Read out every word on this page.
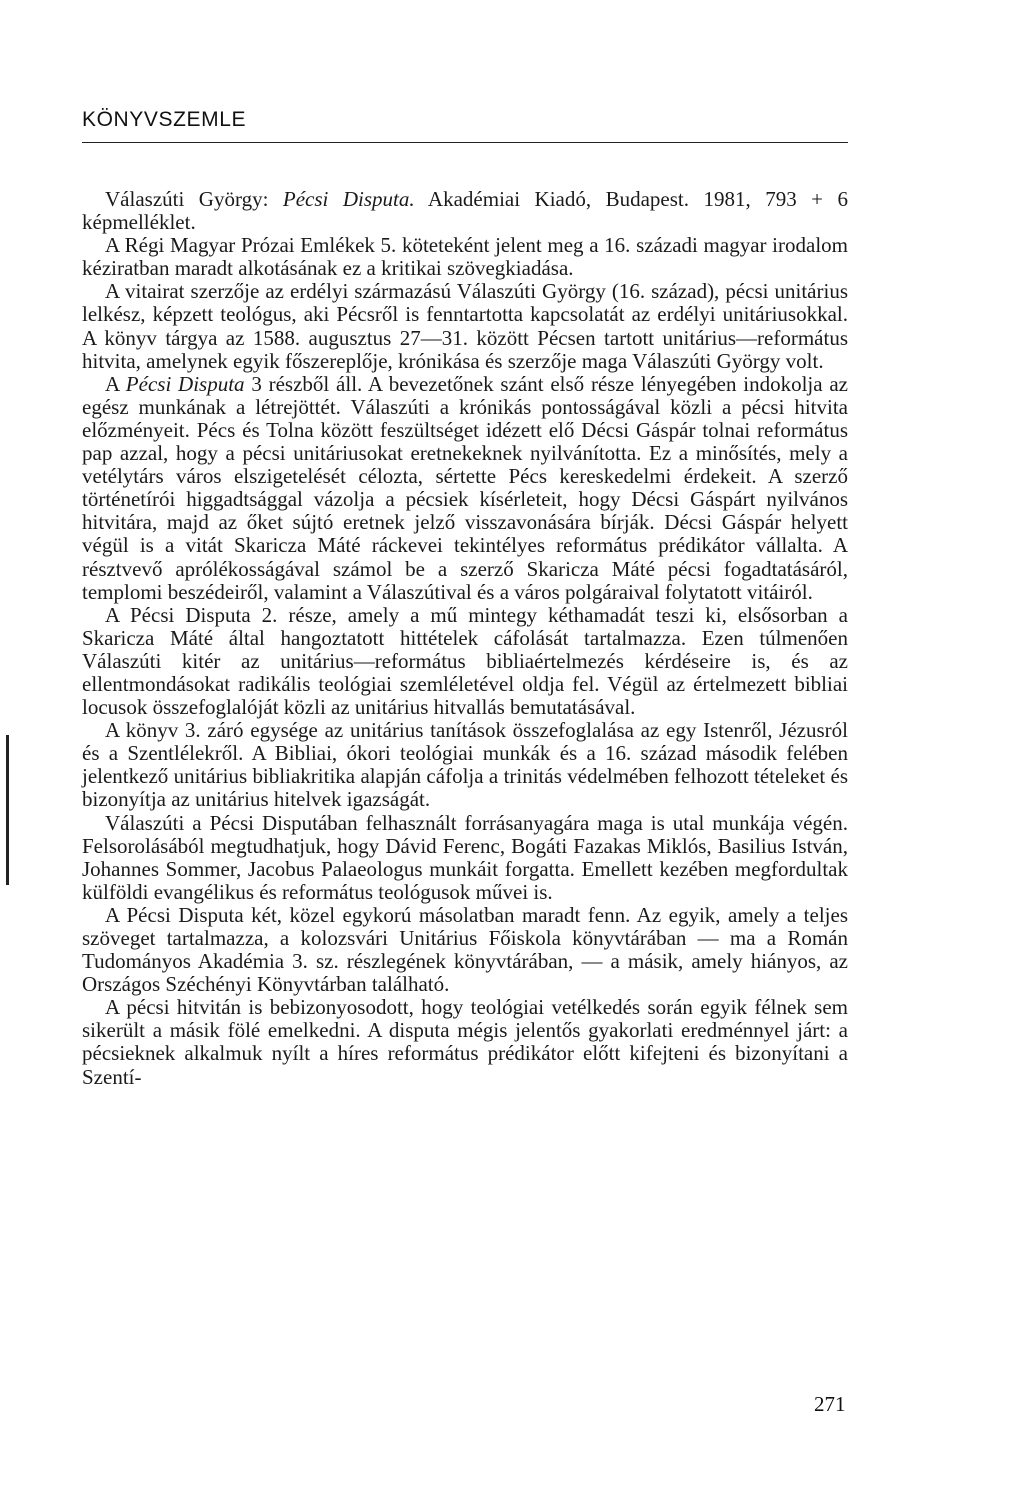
KÖNYVSZEMLE

Válaszúti György: Pécsi Disputa. Akadémiai Kiadó, Budapest. 1981, 793 + 6 képmelléklet.

A Régi Magyar Prózai Emlékek 5. köteteként jelent meg a 16. századi magyar irodalom kéziratban maradt alkotásának ez a kritikai szövegkiadása.

A vitairat szerzője az erdélyi származású Válaszúti György (16. század), pécsi unitárius lelkész, képzett teológus, aki Pécsről is fenntartotta kapcsolatát az erdélyi unitáriusokkal. A könyv tárgya az 1588. augusztus 27—31. között Pécsen tartott unitárius—református hitvita, amelynek egyik főszereplője, krónikása és szerzője maga Válaszúti György volt.

A Pécsi Disputa 3 részből áll. A bevezetőnek szánt első része lényegében indokolja az egész munkának a létrejöttét. Válaszúti a krónikás pontosságával közli a pécsi hitvita előzményeit. Pécs és Tolna között feszültséget idézett elő Décsi Gáspár tolnai református pap azzal, hogy a pécsi unitáriusokat eretnekeknek nyilvánította. Ez a minősítés, mely a vetélytárs város elszigetelését célozta, sértette Pécs kereskedelmi érdekeit. A szerző történetírói higgadtsággal vázolja a pécsiek kísérleteit, hogy Décsi Gáspárt nyilvános hitvitára, majd az őket sújtó eretnek jelző visszavonására bírják. Décsi Gáspár helyett végül is a vitát Skaricza Máté ráckevei tekintélyes református prédikátor vállalta. A résztvevő aprólékosságával számol be a szerző Skaricza Máté pécsi fogadtatásáról, templomi beszédeiről, valamint a Válaszútival és a város polgáraival folytatott vitáiról.

A Pécsi Disputa 2. része, amely a mű mintegy kéthamadát teszi ki, elsősorban a Skaricza Máté által hangoztatott hittételek cáfolását tartalmazza. Ezen túlmenően Válaszúti kitér az unitárius—református bibliaértelmezés kérdéseire is, és az ellentmondásokat radikális teológiai szemléletével oldja fel. Végül az értelmezett bibliai locusok összefoglalóját közli az unitárius hitvallás bemutatásával.

A könyv 3. záró egysége az unitárius tanítások összefoglalása az egy Istenről, Jézusról és a Szentlélekről. A Bibliai, ókori teológiai munkák és a 16. század második felében jelentkező unitárius bibliakritika alapján cáfolja a trinitás védelmében felhozott tételeket és bizonyítja az unitárius hitelvek igazságát.

Válaszúti a Pécsi Disputában felhasznált forrásanyagára maga is utal munkája végén. Felsorolásából megtudhatjuk, hogy Dávid Ferenc, Bogáti Fazakas Miklós, Basilius István, Johannes Sommer, Jacobus Palaeologus munkáit forgatta. Emellett kezében megfordultak külföldi evangélikus és református teológusok művei is.

A Pécsi Disputa két, közel egykorú másolatban maradt fenn. Az egyik, amely a teljes szöveget tartalmazza, a kolozsvári Unitárius Főiskola könyvtárában — ma a Román Tudományos Akadémia 3. sz. részlegének könyvtárában, — a másik, amely hiányos, az Országos Széchényi Könyvtárban található.

A pécsi hitvitán is bebizonyosodott, hogy teológiai vetélkedés során egyik félnek sem sikerült a másik fölé emelkedni. A disputa mégis jelentős gyakorlati eredménnyel járt: a pécsieknek alkalmuk nyílt a híres református prédikátor előtt kifejteni és bizonyítani a Szentí-

271
